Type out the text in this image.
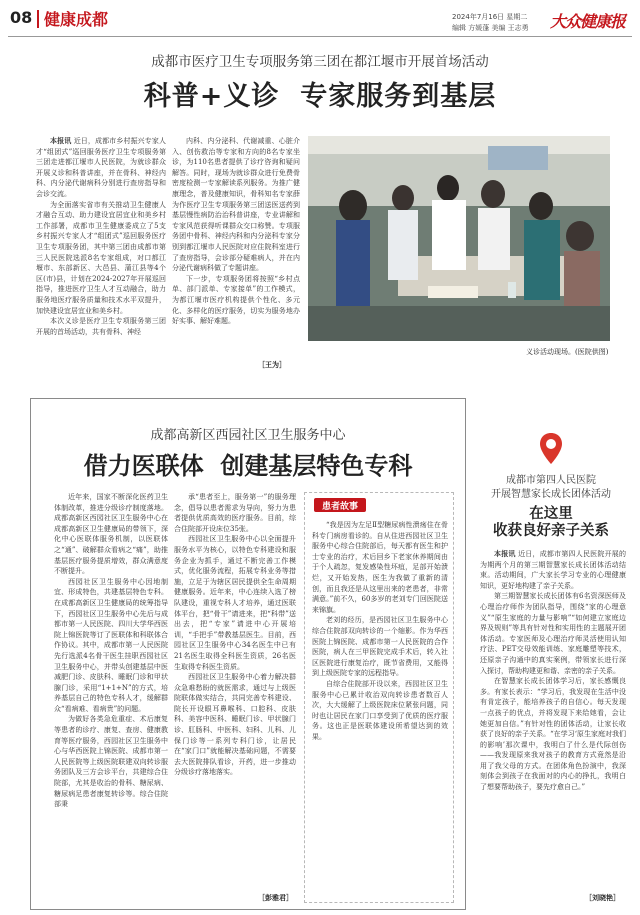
08 健康成都	2024年7月16日 星期二
编辑 方媛蓬 美编 王志勇 大众健康报
成都市医疗卫生专项服务第三团在都江堰市开展首场活动
科普+义诊  专家服务到基层

本报讯 近日，成都市乡村振兴专家人才“组团式”巡回服务医疗卫生专项服务第三团走进都江堰市人民医院，为就诊群众开展义诊和科普讲座，并在骨科、神经内科、内分泌代谢病科分别进行查房指导和会诊交流。

为全面落实省市有关推动卫生健康人才融合互动、助力建设宜居宜业和美乡村工作部署，成都市卫生健康委成立了5支乡村振兴专家人才“组团式”巡回服务医疗卫生专项服务团，其中第三团由成都市第三人民医院选派8名专家组成，对口都江堰市、东部新区、大邑县、蒲江县等4个区(市)县，计划在2024-2027年开展巡回指导，推进医疗卫生人才互动融合，助力服务地医疗服务质量和技术水平双提升，加快建设宜居宜业和美乡村。

本次义诊是医疗卫生专项服务第三团开展的首场活动，共有骨科、神经

内科、内分泌科、代谢减重、心脏介入、创伤救治等专家和方向的8名专家坐诊，为110名患者提供了诊疗咨询和疑问解答。同时，现场为就诊群众进行免费骨密度检测一专家解读系列服务。为推广健康理念，普及健康知识，骨科知名专家薛为作医疗卫生专项服务第三团送医送药到基层慢性病防治治科普讲座，专业讲解和专家风范获得听课群众交口称赞。专项服务团中骨科、神经内科和内分泌科专家分别到都江堰市人民医院对应住院科室进行了查房指导，会诊部分疑难病人，并在内分泌代谢病科做了专题讲座。

下一步，专项服务团将按照“乡村点单、部门派单、专家接单”的工作模式，为都江堰市医疗机构提供个性化、多元化、多样化的医疗服务，切实为服务地办好实事、解好难题。

［王为］
义诊活动现场。(医院供图)
成都高新区西园社区卫生服务中心
借力医联体  创建基层特色专科

近年来，国家不断深化医药卫生体制改革，推进分级诊疗制度落地。成都高新区西园社区卫生服务中心在成都高新区卫生健康局的带领下，深化中心医联体服务机制，以医联体之“通”、破解群众看病之“痛”，助推基层医疗服务提质增效，群众满意度不断提升。

西园社区卫生服务中心因地制宜、形成特色，共建基层特色专科。在成都高新区卫生健康局的统筹指导下，西园社区卫生服务中心先后与成都市第一人民医院、四川大学华西医院上锦医院等订了医联体和科联体合作协议。其中，成都市第一人民医院先行选派4名骨干医生挂职西园社区卫生服务中心，并带头创建基层中医减肥门诊、皮肤科、睡眠门诊和甲状腺门诊，采用“1+1+N”的方式，培养基层自己的特色专科人才，缓解群众“看病难、看病贵”的问题。

为做好各类急危重症、术后康复等患者的诊疗、康复、查房、健康教育等医疗服务，西园社区卫生服务中心与华西医院上锦医院、成都市第一人民医院等上级医院联建双向转诊服务团队及三方会诊平台，共建综合住院部，尤其是收治的骨科、糖尿病、糖尿病足患者康复转诊等。综合住院部秉

承“患者至上，服务第一”的服务理念，倡导以患者需求为导向，努力为患者提供优质高效的医疗服务。目前，综合住院部开设床位35张。

西园社区卫生服务中心以全面提升服务水平为核心，以特色专科建设和服务企业为抓手，通过不断完善工作模式，优化服务流程，拓展专科业务等措施，立足于为辖区居民提供全生命周期健康服务。近年来，中心连续入选了榜队建设，重视专科人才培养，通过医联体平台，把“骨干”请进来，把“科带”送出去，把“专家”请进中心开展培训，“手把手”带教基层医生。目前，西园社区卫生服务中心34名医生中已有21名医生取得全科医生资质，26名医生取得专科医生资质。

西园社区卫生服务中心着力解决群众急难愁盼的就医需求，通过与上级医院联体做实结合，共同完善专科建设、院长开设眼耳鼻喉科、口腔科、皮肤科、美容中医科、睡眠门诊、甲状腺门诊、肛肠科、中医科、妇科、儿科、儿保门诊等一系列专科门诊，让居民在“家门口”就能解决基础问题，不需要去大医院排队看诊，开药，进一步推动分级诊疗落地落实。

［彭雅君］
患者故事

“我是因为左足Ⅱ型糖尿病性溃疡住在骨科专门病房看诊的。自从住进西园社区卫生服务中心综合住院部后，每天都有医生和护士专业的治疗，术后回乡下老家休养期间由于个人疏忽，复发感染性坏疽，足部开始溃烂，又开始发热，医生为我做了重新的清创，而且我还是从这里出来的老患者，非常满意。”前不久，60多岁的老刘专门回医院送来锦旗。

老刘的经历，是西园社区卫生服务中心综合住院部双向转诊的一个缩影。作为华西医院上锦医院、成都市第一人民医院的合作医院，病人在三甲医院完成手术后，转入社区医院进行康复治疗，既节省费用，又能得到上级医院专家的远程指导。

自综合住院部开设以来，西园社区卫生服务中心已累计收治双向转诊患者数百人次，大大缓解了上级医院床位紧张问题，同时也让居民在家门口享受到了优质的医疗服务。这也正是医联体建设所希望达到的效果。

成都市第四人民医院
开展智慧家长成长团体活动
在这里
收获良好亲子关系

本报讯 近日，成都市第四人民医院开展的为期两个月的第三期智慧家长成长团体活动结束。活动期间，广大家长学习专业的心理健康知识，更好地构建了亲子关系。

第三期智慧家长成长团体有6名资深医师及心理治疗师作为团队指导，围绕“家的心理意义”“原生家庭的力量与影响”“如何建立家庭边界及规则”等具有针对性和实用性的主题展开团体活动。专家医师及心理治疗师灵活使用认知疗法、PET交母效能训练、家庭雕塑等技术，还原亲子沟通中的真实案例，带领家长进行深入探讨，帮助构建更和谐、亲密的亲子关系。

在智慧家长成长团体学习后，家长感慨良多。有家长表示：“学习后，我发现在生活中没有肯定孩子，能培养孩子的自信心。每天发现一点孩子的优点，并将发现下来给她看，会让她更加自信。”有针对性的团体活动，让家长收获了良好的亲子关系。“在学习‘原生家庭对我们的影响’那次课中，我明白了什么是代际创伤——我发现原来我对孩子的教育方式竟然是沿用了我父母的方式。在团体角色扮演中，我深刻体会到孩子在我面对的内心的挣扎，我明白了想要帮助孩子，要先疗愈自己。”

［刘晓艳］
